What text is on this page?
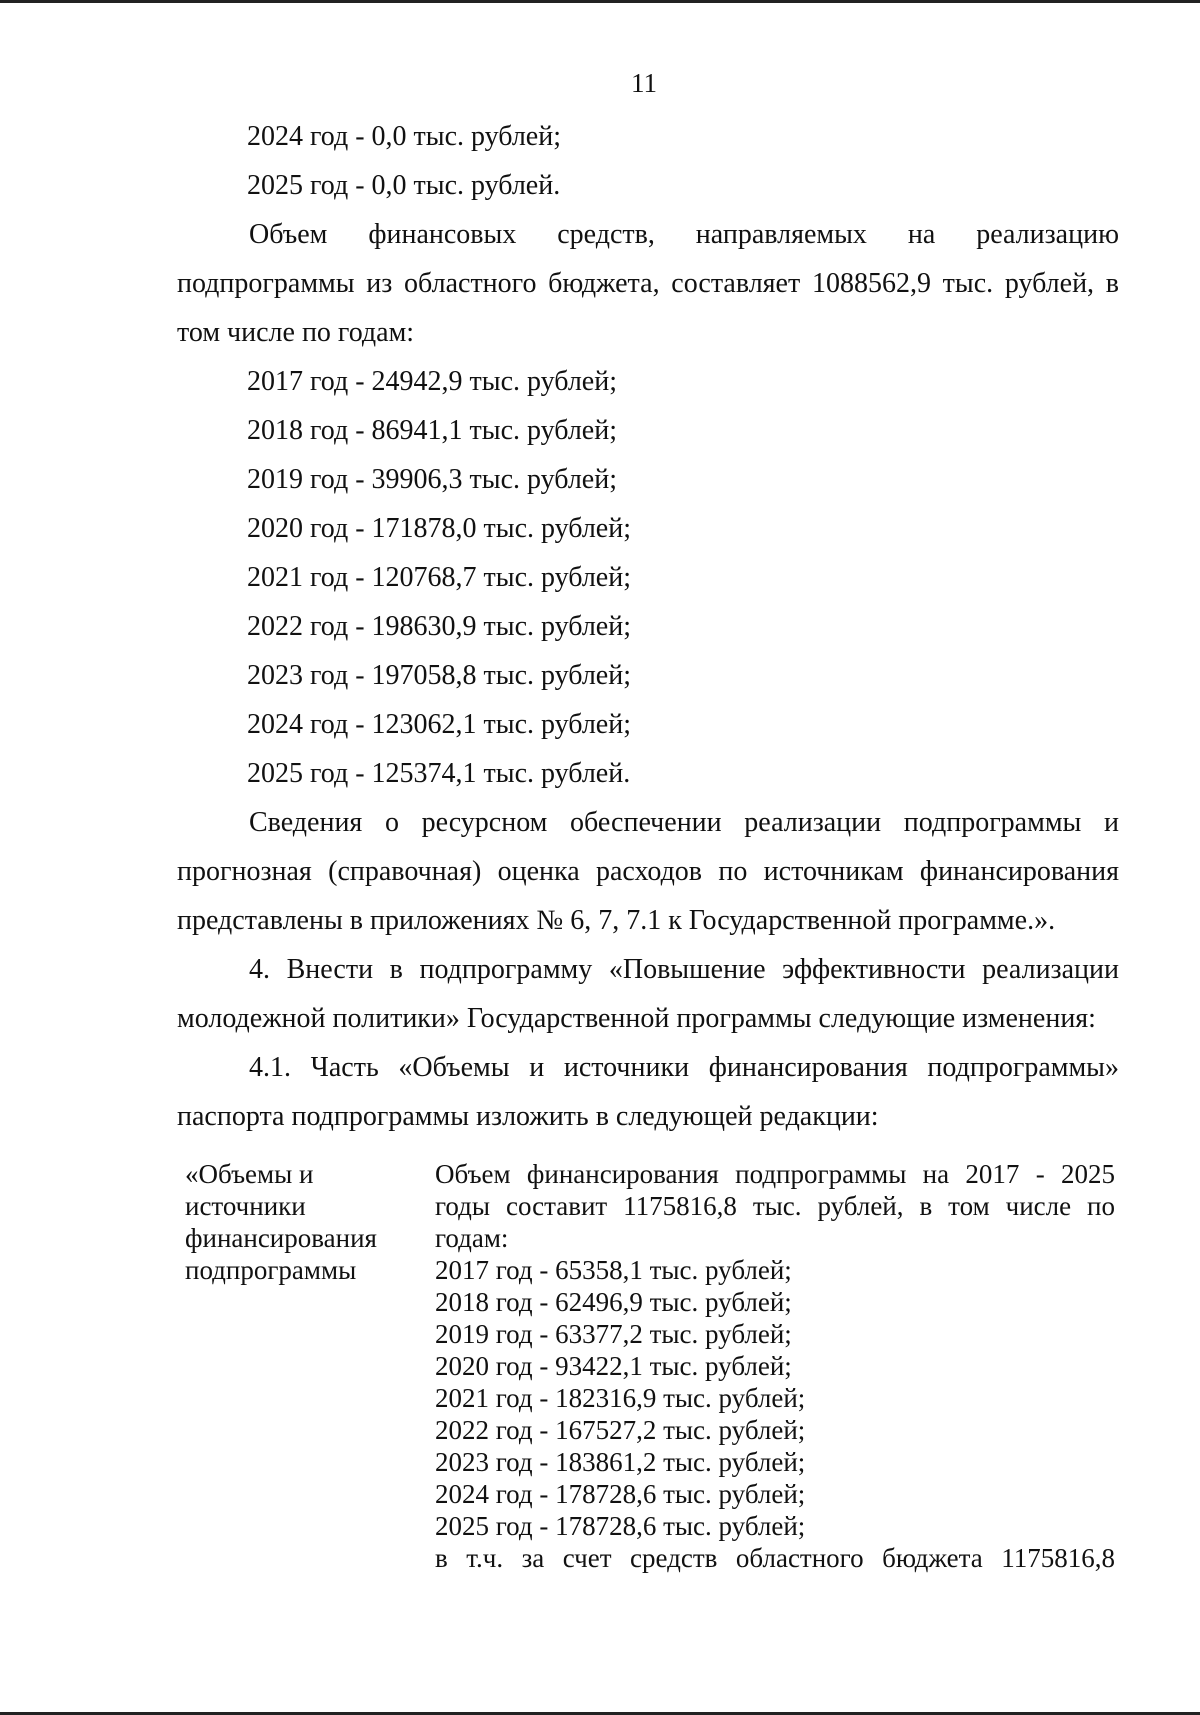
11
2024 год - 0,0 тыс. рублей;
2025 год - 0,0 тыс. рублей.
Объем финансовых средств, направляемых на реализацию
подпрограммы из областного бюджета, составляет 1088562,9 тыс. рублей, в
том числе по годам:
2017 год - 24942,9 тыс. рублей;
2018 год - 86941,1 тыс. рублей;
2019 год - 39906,3 тыс. рублей;
2020 год - 171878,0 тыс. рублей;
2021 год - 120768,7 тыс. рублей;
2022 год - 198630,9 тыс. рублей;
2023 год - 197058,8 тыс. рублей;
2024 год - 123062,1 тыс. рублей;
2025 год - 125374,1 тыс. рублей.
Сведения о ресурсном обеспечении реализации подпрограммы и
прогнозная (справочная) оценка расходов по источникам финансирования
представлены в приложениях № 6, 7, 7.1 к Государственной программе.».
4. Внести в подпрограмму «Повышение эффективности реализации
молодежной политики» Государственной программы следующие изменения:
4.1. Часть «Объемы и источники финансирования подпрограммы»
паспорта подпрограммы изложить в следующей редакции:
«Объемы и
источники
финансирования
подпрограммы
Объем финансирования подпрограммы на 2017 - 2025
годы составит 1175816,8 тыс. рублей, в том числе по
годам:
2017 год - 65358,1 тыс. рублей;
2018 год - 62496,9 тыс. рублей;
2019 год - 63377,2 тыс. рублей;
2020 год - 93422,1 тыс. рублей;
2021 год - 182316,9 тыс. рублей;
2022 год - 167527,2 тыс. рублей;
2023 год - 183861,2 тыс. рублей;
2024 год - 178728,6 тыс. рублей;
2025 год - 178728,6 тыс. рублей;
в т.ч. за счет средств областного бюджета 1175816,8
